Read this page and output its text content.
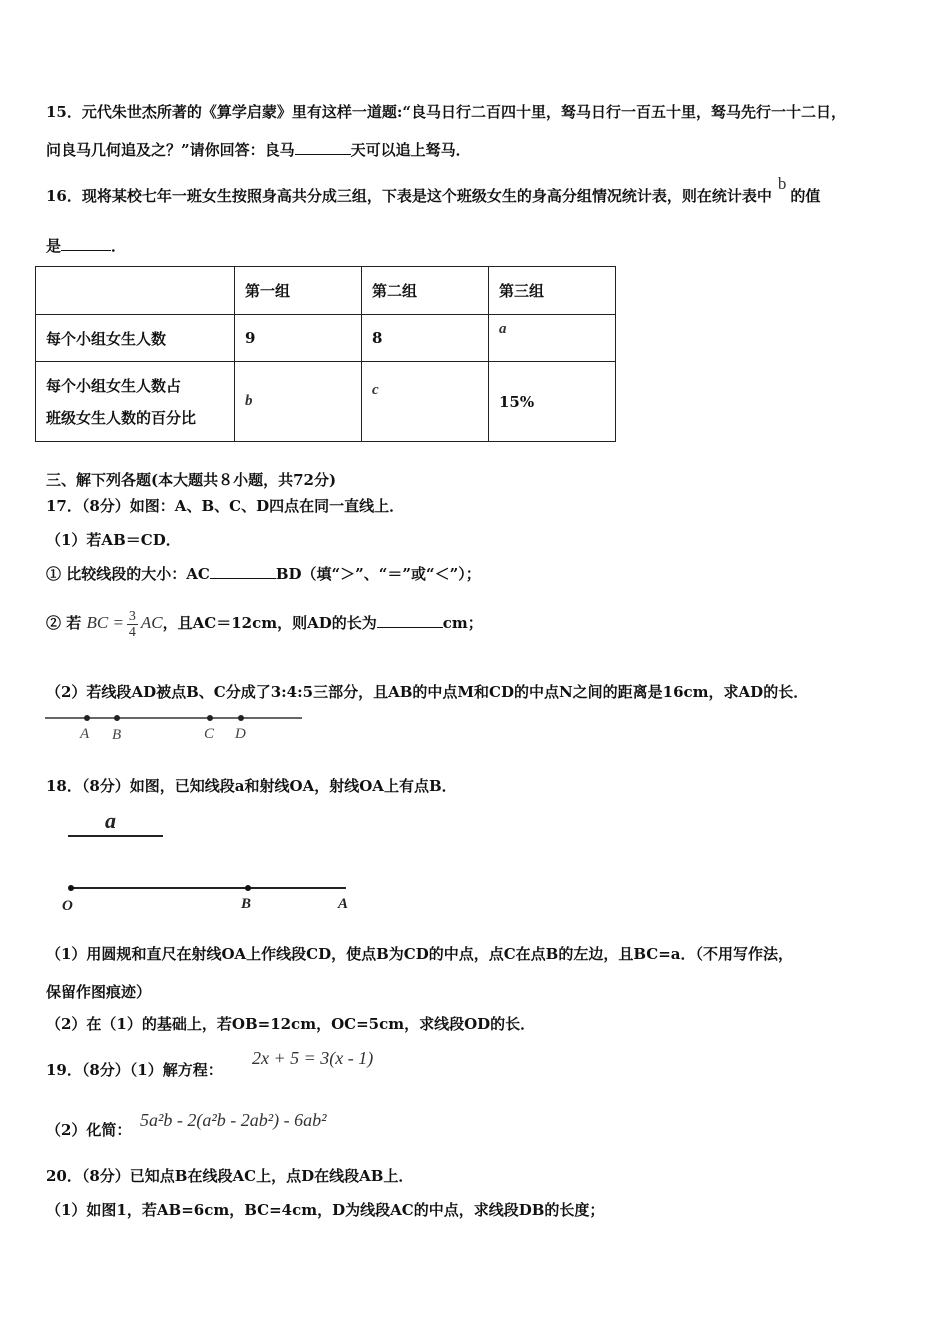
15．元代朱世杰所著的《算学启蒙》里有这样一道题:“良马日行二百四十里，驽马日行一百五十里，驽马先行一十二日，
问良马几何追及之？”请你回答：良马	天可以追上驽马．
16．现将某校七年一班女生按照身高共分成三组，下表是这个班级女生的身高分组情况统计表，则在统计表中b的值
是	．
	第一组	第二组	第三组
每个小组女生人数	9	8	a

每个小组女生人数占
班级女生人数的百分比	b	c	15%
三、解下列各题(本大题共８小题，共72分)
17．（8分）如图：A、B、C、D四点在同一直线上．
（1）若AB＝CD．
① 比较线段的大小：AC	BD（填“＞”、“＝”或“＜”）；
② 若 BC = $\frac{3}{4}$ AC，且AC＝12cm，则AD的长为	cm；
（2）若线段AD被点B、C分成了3:4:5三部分，且AB的中点M和CD的中点N之间的距离是16cm，求AD的长．
A B	C D
18．（8分）如图，已知线段a和射线OA，射线OA上有点B．
a
O	B	A
（1）用圆规和直尺在射线OA上作线段CD，使点B为CD的中点，点C在点B的左边，且BC=a．（不用写作法，
保留作图痕迹）
（2）在（1）的基础上，若OB=12cm，OC=5cm，求线段OD的长．
19．（8分）（1）解方程：
2x + 5 = 3(x - 1)
（2）化简： 5a²b - 2(a²b - 2ab²) - 6ab²
20．（8分）已知点B在线段AC上，点D在线段AB上．
（1）如图1，若AB=6cm，BC=4cm，D为线段AC的中点，求线段DB的长度；
